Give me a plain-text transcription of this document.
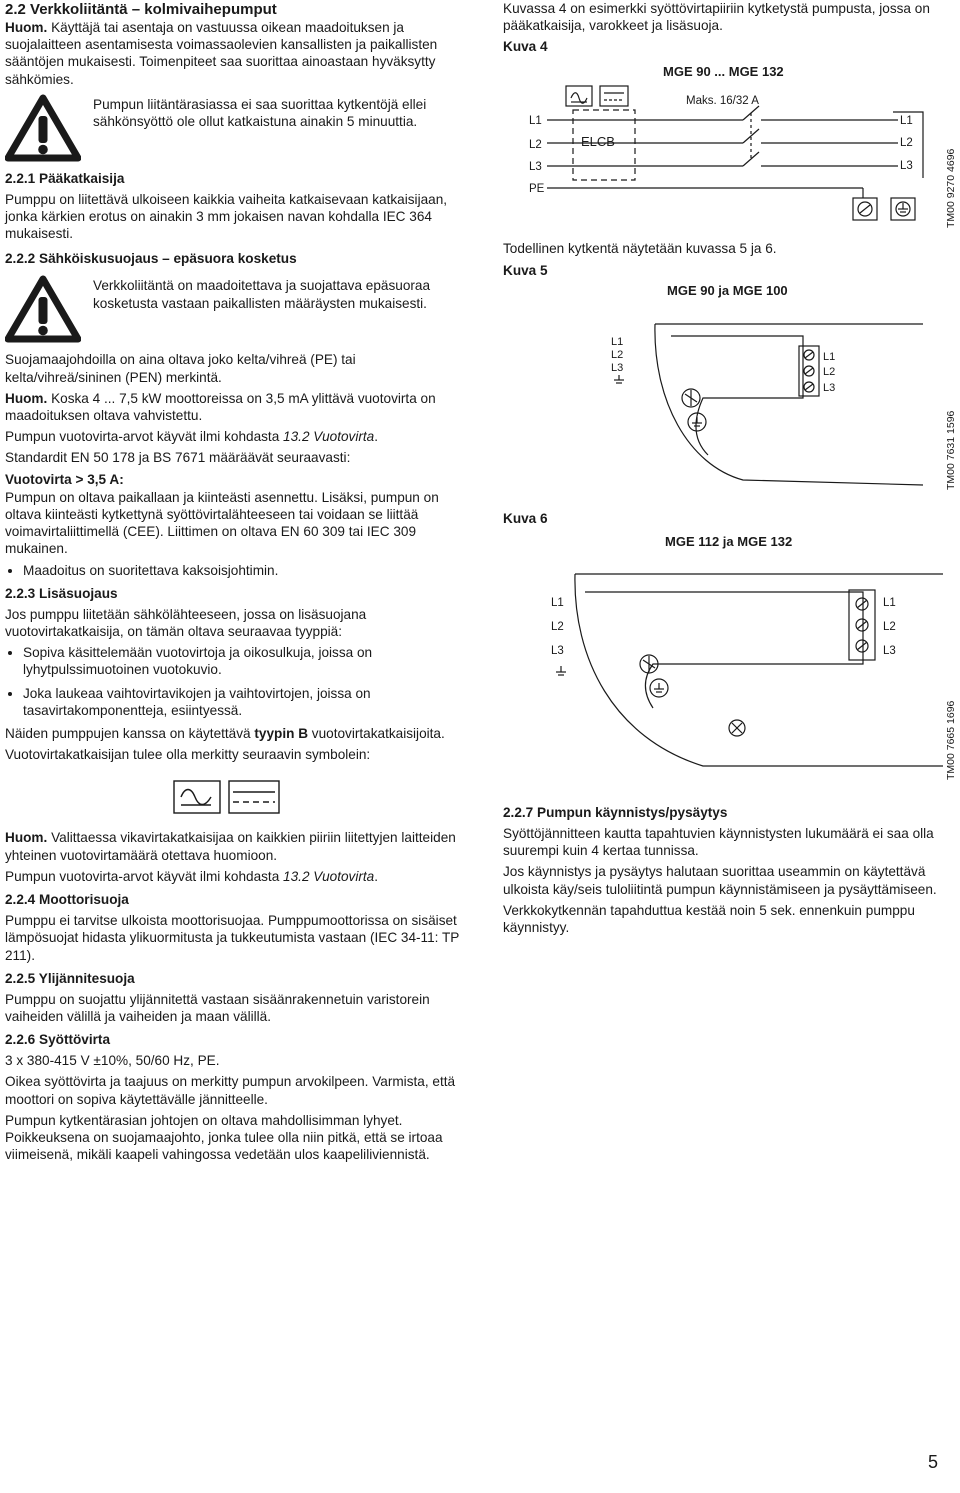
2.2 Verkkoliitäntä – kolmivaihepumput

Huom. Käyttäjä tai asentaja on vastuussa oikean maadoituksen ja suojalaitteen asentamisesta voimassaolevien kansallisten ja paikallisten sääntöjen mukaisesti. Toimenpiteet saa suorittaa ainoastaan hyväksytty sähkömies.

Pumpun liitäntärasiassa ei saa suorittaa kytkentöjä ellei sähkönsyöttö ole ollut katkaistuna ainakin 5 minuuttia.

2.2.1 Pääkatkaisija

Pumppu on liitettävä ulkoiseen kaikkia vaiheita katkaisevaan katkaisijaan, jonka kärkien erotus on ainakin 3 mm jokaisen navan kohdalla IEC 364 mukaisesti.

2.2.2 Sähköiskusuojaus – epäsuora kosketus

Verkkoliitäntä on maadoitettava ja suojattava epäsuoraa kosketusta vastaan paikallisten määräysten mukaisesti.

Suojamaajohdoilla on aina oltava joko kelta/vihreä (PE) tai kelta/vihreä/sininen (PEN) merkintä.

Huom. Koska 4 ... 7,5 kW moottoreissa on 3,5 mA ylittävä vuotovirta on maadoituksen oltava vahvistettu.

Pumpun vuotovirta-arvot käyvät ilmi kohdasta 13.2 Vuotovirta.

Standardit EN 50 178 ja BS 7671 määräävät seuraavasti:

Vuotovirta > 3,5 A:

Pumpun on oltava paikallaan ja kiinteästi asennettu. Lisäksi, pumpun on oltava kiinteästi kytkettynä syöttövirtalähteeseen tai voidaan se liittää voimavirtaliittimellä (CEE). Liittimen on oltava EN 60 309 tai IEC 309 mukainen.

• Maadoitus on suoritettava kaksoisjohtimin.
2.2.3 Lisäsuojaus

Jos pumppu liitetään sähkölähteeseen, jossa on lisäsuojana vuotovirtakatkaisija, on tämän oltava seuraavaa tyyppiä:

• Sopiva käsittelemään vuotovirtoja ja oikosulkuja, joissa on lyhytpulssimuotoinen vuotokuvio.
• Joka laukeaa vaihtovirtavikojen ja vaihtovirtojen, joissa on tasavirtakomponentteja, esiintyessä.

Näiden pumppujen kanssa on käytettävä tyypin B vuotovirtakatkaisijoita.

Vuotovirtakatkaisijan tulee olla merkitty seuraavin symbolein:

Huom. Valittaessa vikavirtakatkaisijaa on kaikkien piiriin liitettyjen laitteiden yhteinen vuotovirtamäärä otettava huomioon.

Pumpun vuotovirta-arvot käyvät ilmi kohdasta 13.2 Vuotovirta.

2.2.4 Moottorisuoja

Pumppu ei tarvitse ulkoista moottorisuojaa. Pumppumoottorissa on sisäiset lämpösuojat hidasta ylikuormitusta ja tukkeutumista vastaan (IEC 34-11: TP 211).

2.2.5 Ylijännitesuoja

Pumppu on suojattu ylijännitettä vastaan sisäänrakennetuin varistorein vaiheiden välillä ja vaiheiden ja maan välillä.

2.2.6 Syöttövirta

3 x 380-415 V ±10%, 50/60 Hz, PE.

Oikea syöttövirta ja taajuus on merkitty pumpun arvokilpeen. Varmista, että moottori on sopiva käytettävälle jännitteelle.

Pumpun kytkentärasian johtojen on oltava mahdollisimman lyhyet. Poikkeuksena on suojamaajohto, jonka tulee olla niin pitkä, että se irtoaa viimeisenä, mikäli kaapeli vahingossa vedetään ulos kaapeliliviennistä.

Kuvassa 4 on esimerkki syöttövirtapiiriin kytketystä pumpusta, jossa on pääkatkaisija, varokkeet ja lisäsuoja.

Kuva 4

MGE 90 ... MGE 132
Maks. 16/32 A
L1
L2
L3
PE
ELCB
L1
L2
L3	TM00 9270 4696

Todellinen kytkentä näytetään kuvassa 5 ja 6.

Kuva 5

MGE 90 ja MGE 100
L1
L2
L3
L1
L2
L3
TM00 7631 1596

Kuva 6

MGE 112 ja MGE 132
L1
L2
L3
L1
L2
L3
TM00 7665 1696
2.2.7 Pumpun käynnistys/pysäytys

Syöttöjännitteen kautta tapahtuvien käynnistysten lukumäärä ei saa olla suurempi kuin 4 kertaa tunnissa.

Jos käynnistys ja pysäytys halutaan suorittaa useammin on käytettävä ulkoista käy/seis tuloliitintä pumpun käynnistämiseen ja pysäyttämiseen.

Verkkokytkennän tapahduttua kestää noin 5 sek. ennenkuin pumppu käynnistyy.

5
